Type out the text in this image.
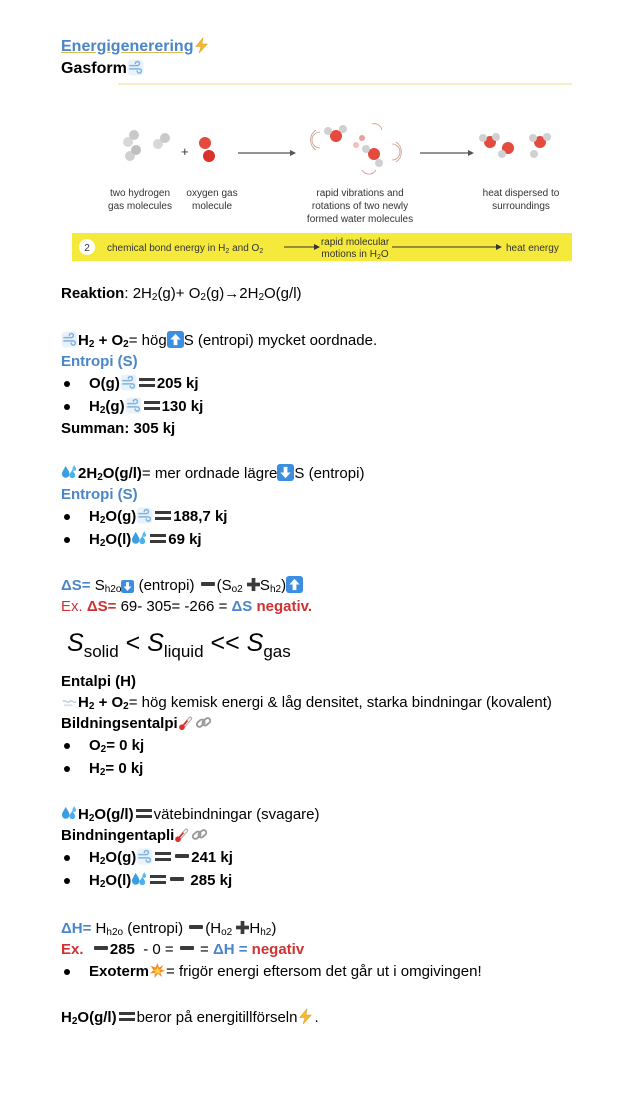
+
two hydrogen
gas molecules
oxygen gas
molecule
rapid vibrations and
rotations of two newly
formed water molecules
heat dispersed to
surroundings
2 chemical bond energy in $H_2$ and $O_2$
rapid molecular
motions in $H_2O$
heat energy
Energigenerering
Gasform
Reaktion: $2H_2(g)+ O_2(g)\to 2H_2O(g/l)$
$H_2 + O_2=$ hög S (entropi) mycket oordnade.
Entropi (S)
O(g) 205 kj
$H_2(g)$ 130 kj
Summan: 305 kj
$2H_2O(g/l)=$ mer ordnade lägre S (entropi)
Entropi (S)
$H_2O(g)$ 188,7 kj
$H_2O(l)$ 69 kj
$\Delta S= S_{h2o}$ (entropi) ($S_{o2}$ $S_{h2}$)
Ex. ΔS= 69- 305= -266 = ΔS negativ.
$S_{solid} < S_{liquid} << S_{gas}$
Entalpi (H)
$H_2 + O_2=$ hög kemisk energi & låg densitet, starka bindningar (kovalent)
Bildningsentalpi
$O_2= 0$ kj
$H_2= 0$ kj
$H_2O(g/l)$ vätebindningar (svagare)
Bindningentapli
$H_2O(g)$	241 kj
$H_2O(l)$	285 kj
$\Delta H= H_{h2o}$ (entropi) ($H_{o2}$ $H_{h2}$)
Ex. 285 - 0 = = ΔH = negativ
Exoterm = frigör energi eftersom det går ut i omgivingen!
$H_2O(g/l)$ beror på energitillförseln .
